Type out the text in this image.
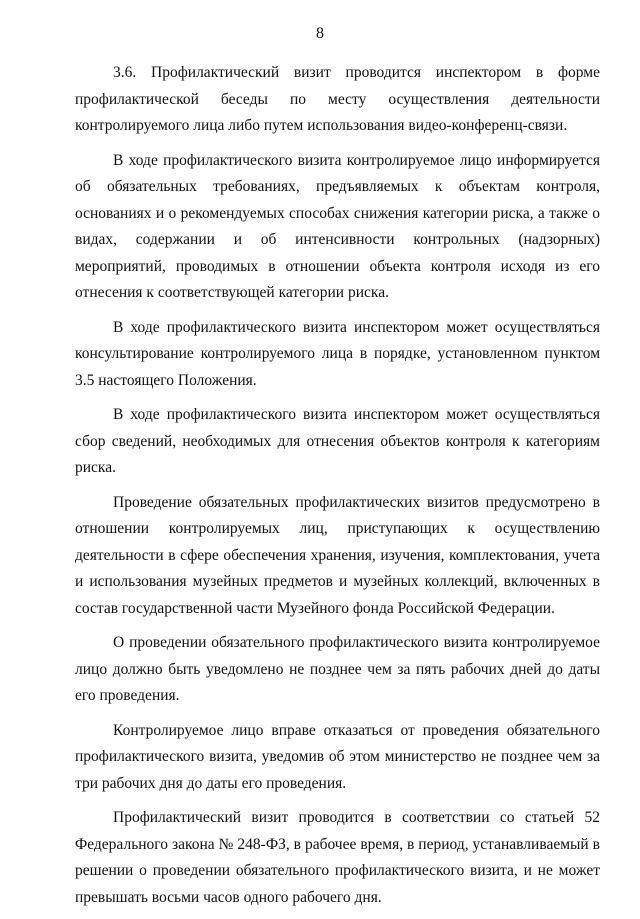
8

3.6. Профилактический визит проводится инспектором в форме профилактической беседы по месту осуществления деятельности контролируемого лица либо путем использования видео-конференц-связи.

В ходе профилактического визита контролируемое лицо информируется об обязательных требованиях, предъявляемых к объектам контроля, основаниях и о рекомендуемых способах снижения категории риска, а также о видах, содержании и об интенсивности контрольных (надзорных) мероприятий, проводимых в отношении объекта контроля исходя из его отнесения к соответствующей категории риска.

В ходе профилактического визита инспектором может осуществляться консультирование контролируемого лица в порядке, установленном пунктом 3.5 настоящего Положения.

В ходе профилактического визита инспектором может осуществляться сбор сведений, необходимых для отнесения объектов контроля к категориям риска.

Проведение обязательных профилактических визитов предусмотрено в отношении контролируемых лиц, приступающих к осуществлению деятельности в сфере обеспечения хранения, изучения, комплектования, учета и использования музейных предметов и музейных коллекций, включенных в состав государственной части Музейного фонда Российской Федерации.

О проведении обязательного профилактического визита контролируемое лицо должно быть уведомлено не позднее чем за пять рабочих дней до даты его проведения.

Контролируемое лицо вправе отказаться от проведения обязательного профилактического визита, уведомив об этом министерство не позднее чем за три рабочих дня до даты его проведения.

Профилактический визит проводится в соответствии со статьей 52 Федерального закона № 248-ФЗ, в рабочее время, в период, устанавливаемый в решении о проведении обязательного профилактического визита, и не может превышать восьми часов одного рабочего дня.
